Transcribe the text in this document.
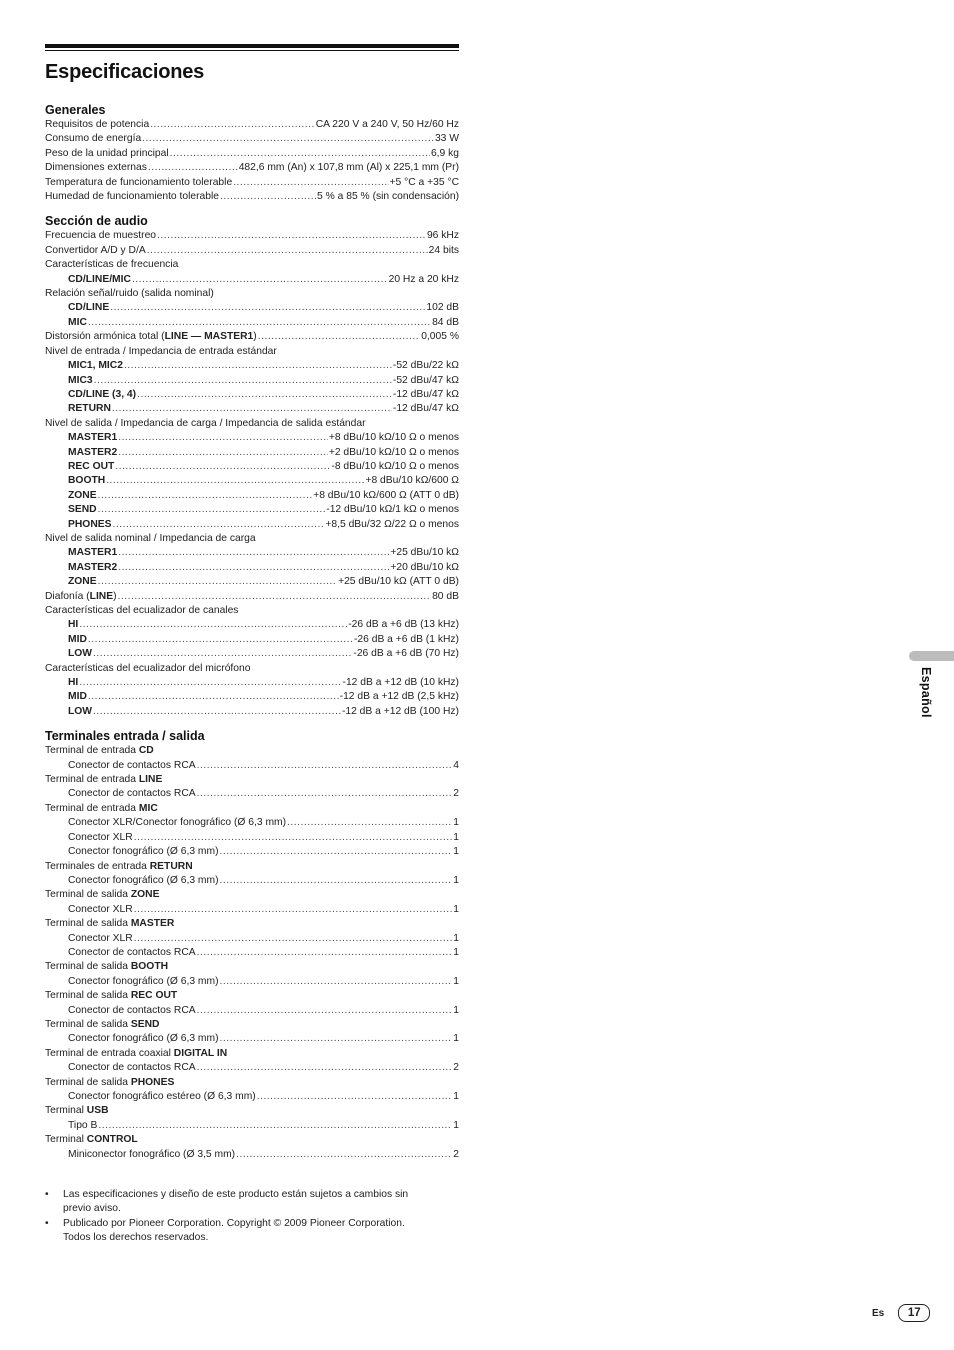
Especificaciones
Generales
Requisitos de potencia .....	CA 220 V a 240 V, 50 Hz/60 Hz
Consumo de energía .....	33 W
Peso de la unidad principal .....	6,9 kg
Dimensiones externas .....	482,6 mm (An) x 107,8 mm (Al) x 225,1 mm (Pr)
Temperatura de funcionamiento tolerable .....	+5 °C a +35 °C
Humedad de funcionamiento tolerable .....	5 % a 85 % (sin condensación)
Sección de audio
Frecuencia de muestreo .....	96 kHz
Convertidor A/D y D/A .....	24 bits
Características de frecuencia
CD/LINE/MIC .....	20 Hz a 20 kHz
Relación señal/ruido (salida nominal)
CD/LINE .....	102 dB
MIC .....	84 dB
Distorsión armónica total (LINE — MASTER1) .....	0,005 %
Nivel de entrada / Impedancia de entrada estándar
MIC1, MIC2 .....	-52 dBu/22 kΩ
MIC3 .....	-52 dBu/47 kΩ
CD/LINE (3, 4) .....	-12 dBu/47 kΩ
RETURN .....	-12 dBu/47 kΩ
Nivel de salida / Impedancia de carga / Impedancia de salida estándar
MASTER1 .....	+8 dBu/10 kΩ/10 Ω o menos
MASTER2 .....	+2 dBu/10 kΩ/10 Ω o menos
REC OUT .....	-8 dBu/10 kΩ/10 Ω o menos
BOOTH .....	+8 dBu/10 kΩ/600 Ω
ZONE .....	+8 dBu/10 kΩ/600 Ω (ATT 0 dB)
SEND .....	-12 dBu/10 kΩ/1 kΩ o menos
PHONES .....	+8,5 dBu/32 Ω/22 Ω o menos
Nivel de salida nominal / Impedancia de carga
MASTER1 .....	+25 dBu/10 kΩ
MASTER2 .....	+20 dBu/10 kΩ
ZONE .....	+25 dBu/10 kΩ (ATT 0 dB)
Diafonía (LINE) .....	80 dB
Características del ecualizador de canales
HI .....	-26 dB a +6 dB (13 kHz)
MID .....	-26 dB a +6 dB (1 kHz)
LOW .....	-26 dB a +6 dB (70 Hz)
Características del ecualizador del micrófono
HI .....	-12 dB a +12 dB (10 kHz)
MID .....	-12 dB a +12 dB (2,5 kHz)
LOW .....	-12 dB a +12 dB (100 Hz)
Terminales entrada / salida
Terminal de entrada CD
Conector de contactos RCA .....	4
Terminal de entrada LINE
Conector de contactos RCA .....	2
Terminal de entrada MIC
Conector XLR/Conector fonográfico (Ø 6,3 mm) .....	1
Conector XLR .....	1
Conector fonográfico (Ø 6,3 mm) .....	1
Terminales de entrada RETURN
Conector fonográfico (Ø 6,3 mm) .....	1
Terminal de salida ZONE
Conector XLR .....	1
Terminal de salida MASTER
Conector XLR .....	1
Conector de contactos RCA .....	1
Terminal de salida BOOTH
Conector fonográfico (Ø 6,3 mm) .....	1
Terminal de salida REC OUT
Conector de contactos RCA .....	1
Terminal de salida SEND
Conector fonográfico (Ø 6,3 mm) .....	1
Terminal de entrada coaxial DIGITAL IN
Conector de contactos RCA .....	2
Terminal de salida PHONES
Conector fonográfico estéreo (Ø 6,3 mm) .....	1
Terminal USB
Tipo B .....	1
Terminal CONTROL
Miniconector fonográfico (Ø 3,5 mm) .....	2
•	Las especificaciones y diseño de este producto están sujetos a cambios sin
previo aviso.
•	Publicado por Pioneer Corporation. Copyright © 2009 Pioneer Corporation.
Todos los derechos reservados.
Español
Es	17
